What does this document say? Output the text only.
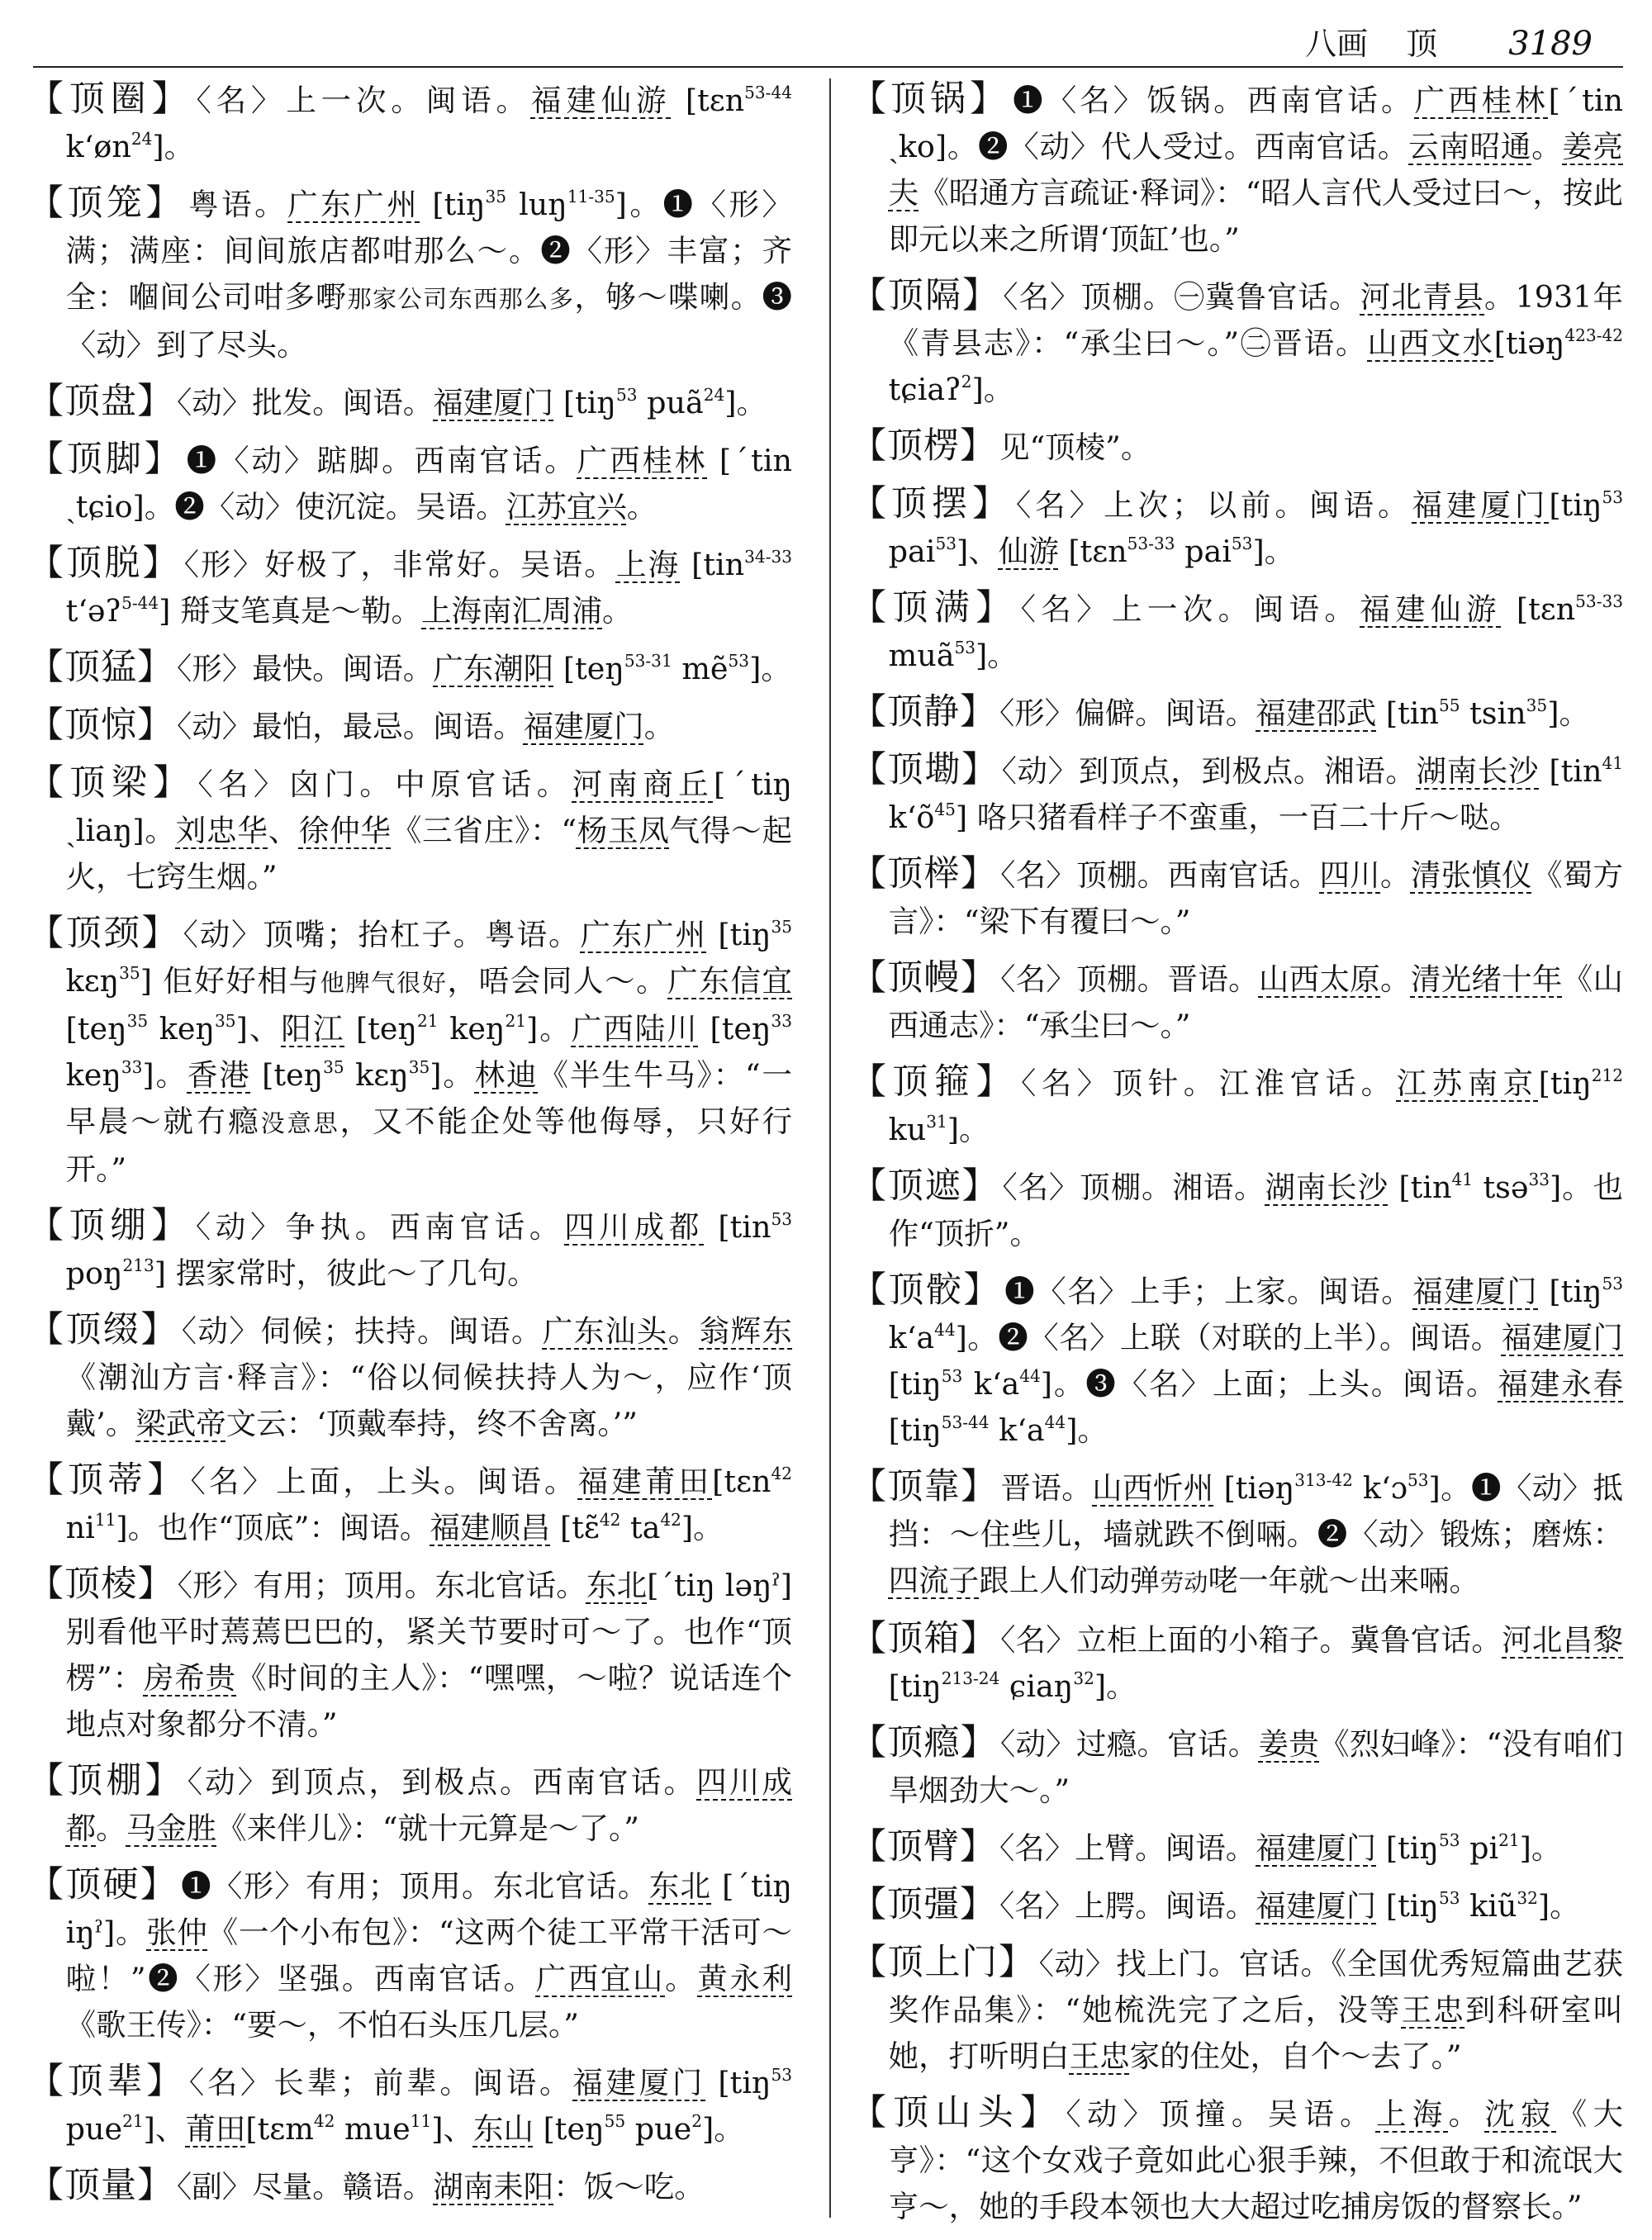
八画 顶 3189
【顶圈】 〈名〉上一次。闽语。福建仙游 [tɛn$^{53-44}$ $k‘øn^{24}$]。
【顶笼】 粤语。广东广州 [tiŋ$^{35}$ luŋ$^{11-35}$]。❶〈形〉满；满座：间间旅店都咁那么～。❷〈形〉丰富；齐全：嗰间公司咁多嘢那家公司东西那么多，够～喋喇。❸〈动〉到了尽头。
【顶盘】 〈动〉批发。闽语。福建厦门 [tiŋ$^{53}$ puã$^{24}$]。
【顶脚】 ❶〈动〉踮脚。西南官话。广西桂林 [ˊtin ˏtɕio]。❷〈动〉使沉淀。吴语。江苏宜兴。
【顶脱】 〈形〉好极了，非常好。吴语。上海 [tin$^{34-33}$ t‘əʔ$^{5-44}$] 搿支笔真是～勒。上海南汇周浦。
【顶猛】 〈形〉最快。闽语。广东潮阳 [teŋ$^{53-31}$ mẽ$^{53}$]。
【顶惊】 〈动〉最怕，最忌。闽语。福建厦门。
【顶梁】 〈名〉囟门。中原官话。河南商丘[ˊtiŋ ˏliaŋ]。刘忠华、徐仲华《三省庄》：“杨玉凤气得～起火，七窍生烟。”
【顶颈】 〈动〉顶嘴；抬杠子。粤语。广东广州 [tiŋ$^{35}$ kɛŋ$^{35}$] 佢好好相与他脾气很好，唔会同人～。广东信宜 [teŋ$^{35}$ keŋ$^{35}$]、阳江 [teŋ$^{21}$ keŋ$^{21}$]。广西陆川 [teŋ$^{33}$ keŋ$^{33}$]。香港 [teŋ$^{35}$ kɛŋ$^{35}$]。林迪《半生牛马》：“一早晨～就冇瘾没意思，又不能企处等他侮辱，只好行开。”
【顶绷】 〈动〉争执。西南官话。四川成都 [tin$^{53}$ poŋ$^{213}$] 摆家常时，彼此～了几句。
【顶缀】 〈动〉伺候；扶持。闽语。广东汕头。翁辉东《潮汕方言·释言》：“俗以伺候扶持人为～，应作‘顶戴’。梁武帝文云：‘顶戴奉持，终不舍离。’”
【顶蒂】 〈名〉上面，上头。闽语。福建莆田[tɛn$^{42}$ $ni^{11}$]。也作“顶底”：闽语。福建顺昌 [tɛ̃$^{42}$ $ta^{42}$]。
【顶棱】 〈形〉有用；顶用。东北官话。东北[ˊtiŋ ləŋˀ] 别看他平时蔫蔫巴巴的，紧关节要时可～了。也作“顶楞”：房希贵《时间的主人》：“嘿嘿，～啦？说话连个地点对象都分不清。”
【顶棚】 〈动〉到顶点，到极点。西南官话。四川成都。马金胜《来伴儿》：“就十元算是～了。”
【顶硬】 ❶〈形〉有用；顶用。东北官话。东北 [ˊtiŋ iŋˀ]。张仲《一个小布包》：“这两个徒工平常干活可～啦！”❷〈形〉坚强。西南官话。广西宜山。黄永利《歌王传》：“要～，不怕石头压几层。”
【顶辈】 〈名〉长辈；前辈。闽语。福建厦门 [tiŋ$^{53}$ pue$^{21}$]、莆田[tɛm$^{42}$ mue$^{11}$]、东山 [teŋ$^{55}$ pue$^2$]。
【顶量】 〈副〉尽量。赣语。湖南耒阳：饭～吃。
【顶锅】 ❶〈名〉饭锅。西南官话。广西桂林[ˊtin ˏko]。❷〈动〉代人受过。西南官话。云南昭通。姜亮夫《昭通方言疏证·释词》：“昭人言代人受过曰～，按此即元以来之所谓‘顶缸’也。”
【顶隔】 〈名〉顶棚。㊀冀鲁官话。河北青县。1931年《青县志》：“承尘曰～。”㊁晋语。山西文水[tiəŋ$^{423-42}$ tɕiaʔ$^2$]。
【顶楞】 见“顶棱”。
【顶摆】 〈名〉上次；以前。闽语。福建厦门[tiŋ$^{53}$ pai$^{53}$]、仙游 [tɛn$^{53-33}$ pai$^{53}$]。
【顶满】 〈名〉上一次。闽语。福建仙游 [tɛn$^{53-33}$ muã$^{53}$]。
【顶静】 〈形〉偏僻。闽语。福建邵武 [tin$^{55}$ tsin$^{35}$]。
【顶墈】 〈动〉到顶点，到极点。湘语。湖南长沙 [tin$^{41}$ $k‘õ^{45}$] 咯只猪看样子不蛮重，一百二十斤～哒。
【顶榉】 〈名〉顶棚。西南官话。四川。清张慎仪《蜀方言》：“梁下有覆曰～。”
【顶幔】 〈名〉顶棚。晋语。山西太原。清光绪十年《山西通志》：“承尘曰～。”
【顶箍】 〈名〉顶针。江淮官话。江苏南京[tiŋ$^{212}$ $ku^{31}$]。
【顶遮】 〈名〉顶棚。湘语。湖南长沙 [tin$^{41}$ tsə$^{33}$]。也作“顶折”。
【顶骹】 ❶〈名〉上手；上家。闽语。福建厦门 [tiŋ$^{53}$ $k‘a^{44}$]。❷〈名〉上联（对联的上半）。闽语。福建厦门 [tiŋ$^{53}$ $k‘a^{44}$]。❸〈名〉上面；上头。闽语。福建永春 [tiŋ$^{53-44}$ $k‘a^{44}$]。
【顶靠】 晋语。山西忻州 [tiəŋ$^{313-42}$ k‘ɔ$^{53}$]。❶〈动〉抵挡：～住些儿，墙就跌不倒啢。❷〈动〉锻炼；磨炼：四流子跟上人们动弹劳动咾一年就～出来啢。
【顶箱】 〈名〉立柜上面的小箱子。冀鲁官话。河北昌黎 [tiŋ$^{213-24}$ ɕiaŋ$^{32}$]。
【顶瘾】 〈动〉过瘾。官话。姜贵《烈妇峰》：“没有咱们旱烟劲大～。”
【顶臂】 〈名〉上臂。闽语。福建厦门 [tiŋ$^{53}$ $pi^{21}$]。
【顶彊】 〈名〉上腭。闽语。福建厦门 [tiŋ$^{53}$ kiũ$^{32}$]。
【顶上门】 〈动〉找上门。官话。《全国优秀短篇曲艺获奖作品集》：“她梳洗完了之后，没等王忠到科研室叫她，打听明白王忠家的住处，自个～去了。”
【顶山头】 〈动〉顶撞。吴语。上海。沈寂《大亨》：“这个女戏子竟如此心狠手辣，不但敢于和流氓大亨～，她的手段本领也大大超过吃捕房饭的督察长。”
